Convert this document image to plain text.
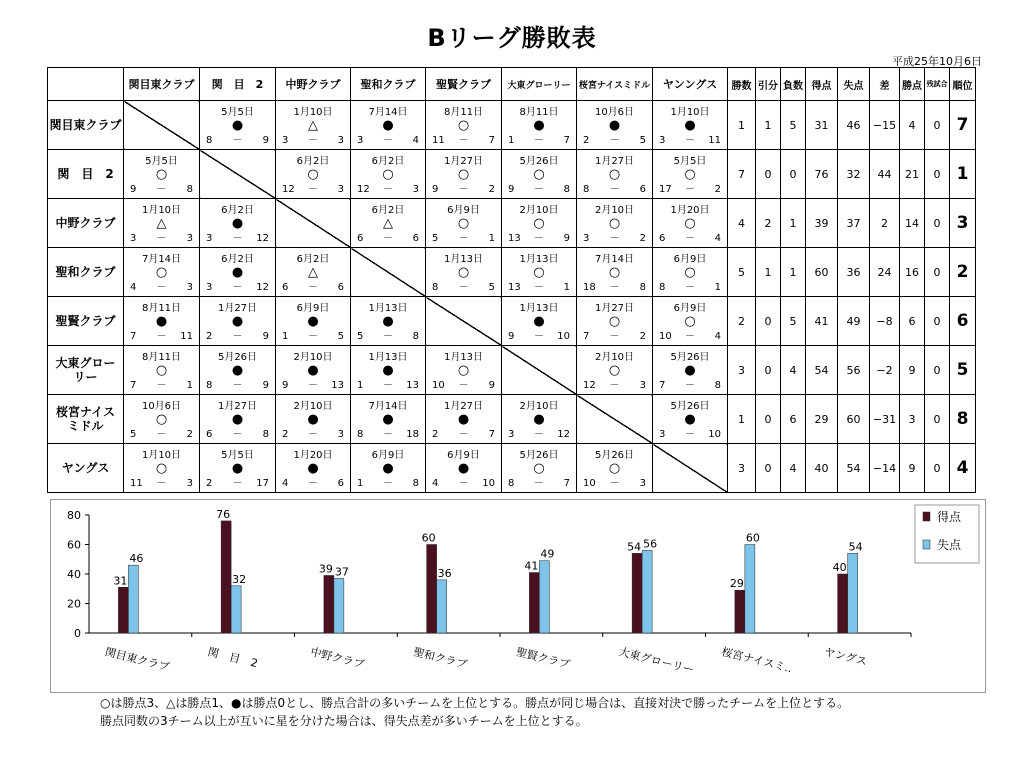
Bリーグ勝敗表
平成25年10月6日
	関目東クラブ	関　目　2	中野クラブ	聖和クラブ	聖賢クラブ	大東グローリー	桜宮ナイスミドル	ヤンングス	勝数	引分	負数	得点	失点	差	勝点	残試合	順位
関目東クラブ		5月5日
●
8 － 9	1月10日
△
3 － 3	7月14日
●
3 － 4	8月11日
○
11 － 7	8月11日
●
1 － 7	10月6日
●
2 － 5	1月10日
●
3 － 11	1	1	5	31	46	−15	4	0	7
関　目　2	5月5日
○
9 － 8		6月2日
○
12 － 3	6月2日
○
12 － 3	1月27日
○
9 － 2	5月26日
○
9 － 8	1月27日
○
8 － 6	5月5日
○
17 － 2	7	0	0	76	32	44	21	0	1
中野クラブ	1月10日
△
3 － 3	6月2日
●
3 － 12		6月2日
△
6 － 6	6月9日
○
5 － 1	2月10日
○
13 － 9	2月10日
○
3 － 2	1月20日
○
6 － 4	4	2	1	39	37	2	14	0	3
聖和クラブ	7月14日
○
4 － 3	6月2日
●
3 － 12	6月2日
△
6 － 6		1月13日
○
8 － 5	1月13日
○
13 － 1	7月14日
○
18 － 8	6月9日
○
8 － 1	5	1	1	60	36	24	16	0	2
聖賢クラブ	8月11日
●
7 － 11	1月27日
●
2 － 9	6月9日
●
1 － 5	1月13日
●
5 － 8		1月13日
●
9 － 10	1月27日
○
7 － 2	6月9日
○
10 － 4	2	0	5	41	49	−8	6	0	6
大東グロー リー	8月11日
○
7 － 1	5月26日
●
8 － 9	2月10日
●
9 － 13	1月13日
●
1 － 13	1月13日
○
10 － 9		2月10日
○
12 － 3	5月26日
●
7 － 8	3	0	4	54	56	−2	9	0	5
桜宮ナイス ミドル	10月6日
○
5 － 2	1月27日
●
6 － 8	2月10日
●
2 － 3	7月14日
●
8 － 18	1月27日
●
2 － 7	2月10日
●
3 － 12		5月26日
●
3 － 10	1	0	6	29	60	−31	3	0	8
ヤングス	1月10日
○
11 － 3	5月5日
●
2 － 17	1月20日
●
4 － 6	6月9日
●
1 － 8	6月9日
●
4 － 10	5月26日
○
8 － 7	5月26日
○
10 － 3		3	0	4	40	54	−14	9	0	4
0
20
40
60
80
31
46
関目東クラブ
76
32
関　目　2
39 37
中野クラブ
60
36
聖和クラブ
41
49
聖賢クラブ
54 56
大東グローリー
29
60
桜宮ナイスミ..
40
54
ヤングス
得点
失点
○は勝点3、△は勝点1、●は勝点0とし、勝点合計の多いチームを上位とする。勝点が同じ場合は、直接対決で勝ったチームを上位とする。
勝点同数の3チーム以上が互いに星を分けた場合は、得失点差が多いチームを上位とする。
